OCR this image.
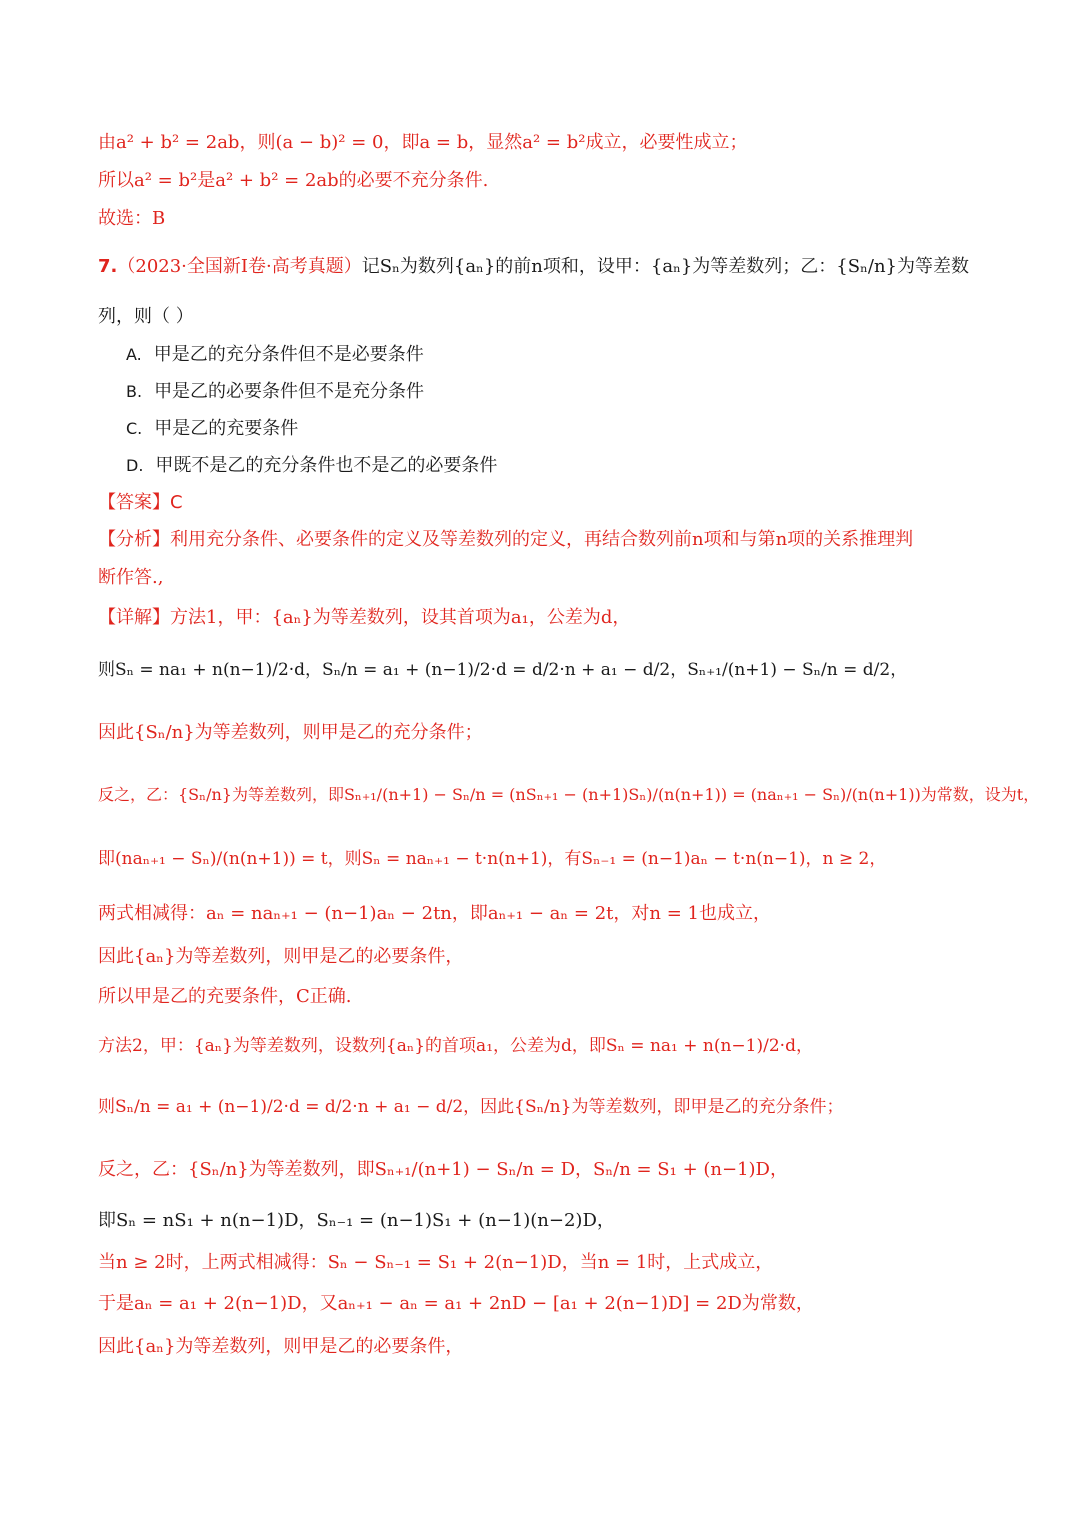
由a² + b² = 2ab，则(a − b)² = 0，即a = b，显然a² = b²成立，必要性成立；
所以a² = b²是a² + b² = 2ab的必要不充分条件.
故选：B
7.（2023·全国新Ⅰ卷·高考真题）记Sₙ为数列{aₙ}的前n项和，设甲：{aₙ}为等差数列；乙：{Sₙ/n}为等差数
列，则（ ）
A. 甲是乙的充分条件但不是必要条件
B. 甲是乙的必要条件但不是充分条件
C. 甲是乙的充要条件
D. 甲既不是乙的充分条件也不是乙的必要条件
【答案】C
【分析】利用充分条件、必要条件的定义及等差数列的定义，再结合数列前n项和与第n项的关系推理判
断作答.,
【详解】方法1，甲：{aₙ}为等差数列，设其首项为a₁，公差为d，
则Sₙ = na₁ + n(n−1)/2·d，Sₙ/n = a₁ + (n−1)/2·d = d/2·n + a₁ − d/2，Sₙ₊₁/(n+1) − Sₙ/n = d/2，
因此{Sₙ/n}为等差数列，则甲是乙的充分条件；
反之，乙：{Sₙ/n}为等差数列，即Sₙ₊₁/(n+1) − Sₙ/n = (nSₙ₊₁ − (n+1)Sₙ)/(n(n+1)) = (naₙ₊₁ − Sₙ)/(n(n+1))为常数，设为t，
即(naₙ₊₁ − Sₙ)/(n(n+1)) = t，则Sₙ = naₙ₊₁ − t·n(n+1)，有Sₙ₋₁ = (n−1)aₙ − t·n(n−1)，n ≥ 2，
两式相减得：aₙ = naₙ₊₁ − (n−1)aₙ − 2tn，即aₙ₊₁ − aₙ = 2t，对n = 1也成立，
因此{aₙ}为等差数列，则甲是乙的必要条件，
所以甲是乙的充要条件，C正确.
方法2，甲：{aₙ}为等差数列，设数列{aₙ}的首项a₁，公差为d，即Sₙ = na₁ + n(n−1)/2·d，
则Sₙ/n = a₁ + (n−1)/2·d = d/2·n + a₁ − d/2，因此{Sₙ/n}为等差数列，即甲是乙的充分条件；
反之，乙：{Sₙ/n}为等差数列，即Sₙ₊₁/(n+1) − Sₙ/n = D，Sₙ/n = S₁ + (n−1)D，
即Sₙ = nS₁ + n(n−1)D，Sₙ₋₁ = (n−1)S₁ + (n−1)(n−2)D，
当n ≥ 2时，上两式相减得：Sₙ − Sₙ₋₁ = S₁ + 2(n−1)D，当n = 1时，上式成立，
于是aₙ = a₁ + 2(n−1)D，又aₙ₊₁ − aₙ = a₁ + 2nD − [a₁ + 2(n−1)D] = 2D为常数，
因此{aₙ}为等差数列，则甲是乙的必要条件，
